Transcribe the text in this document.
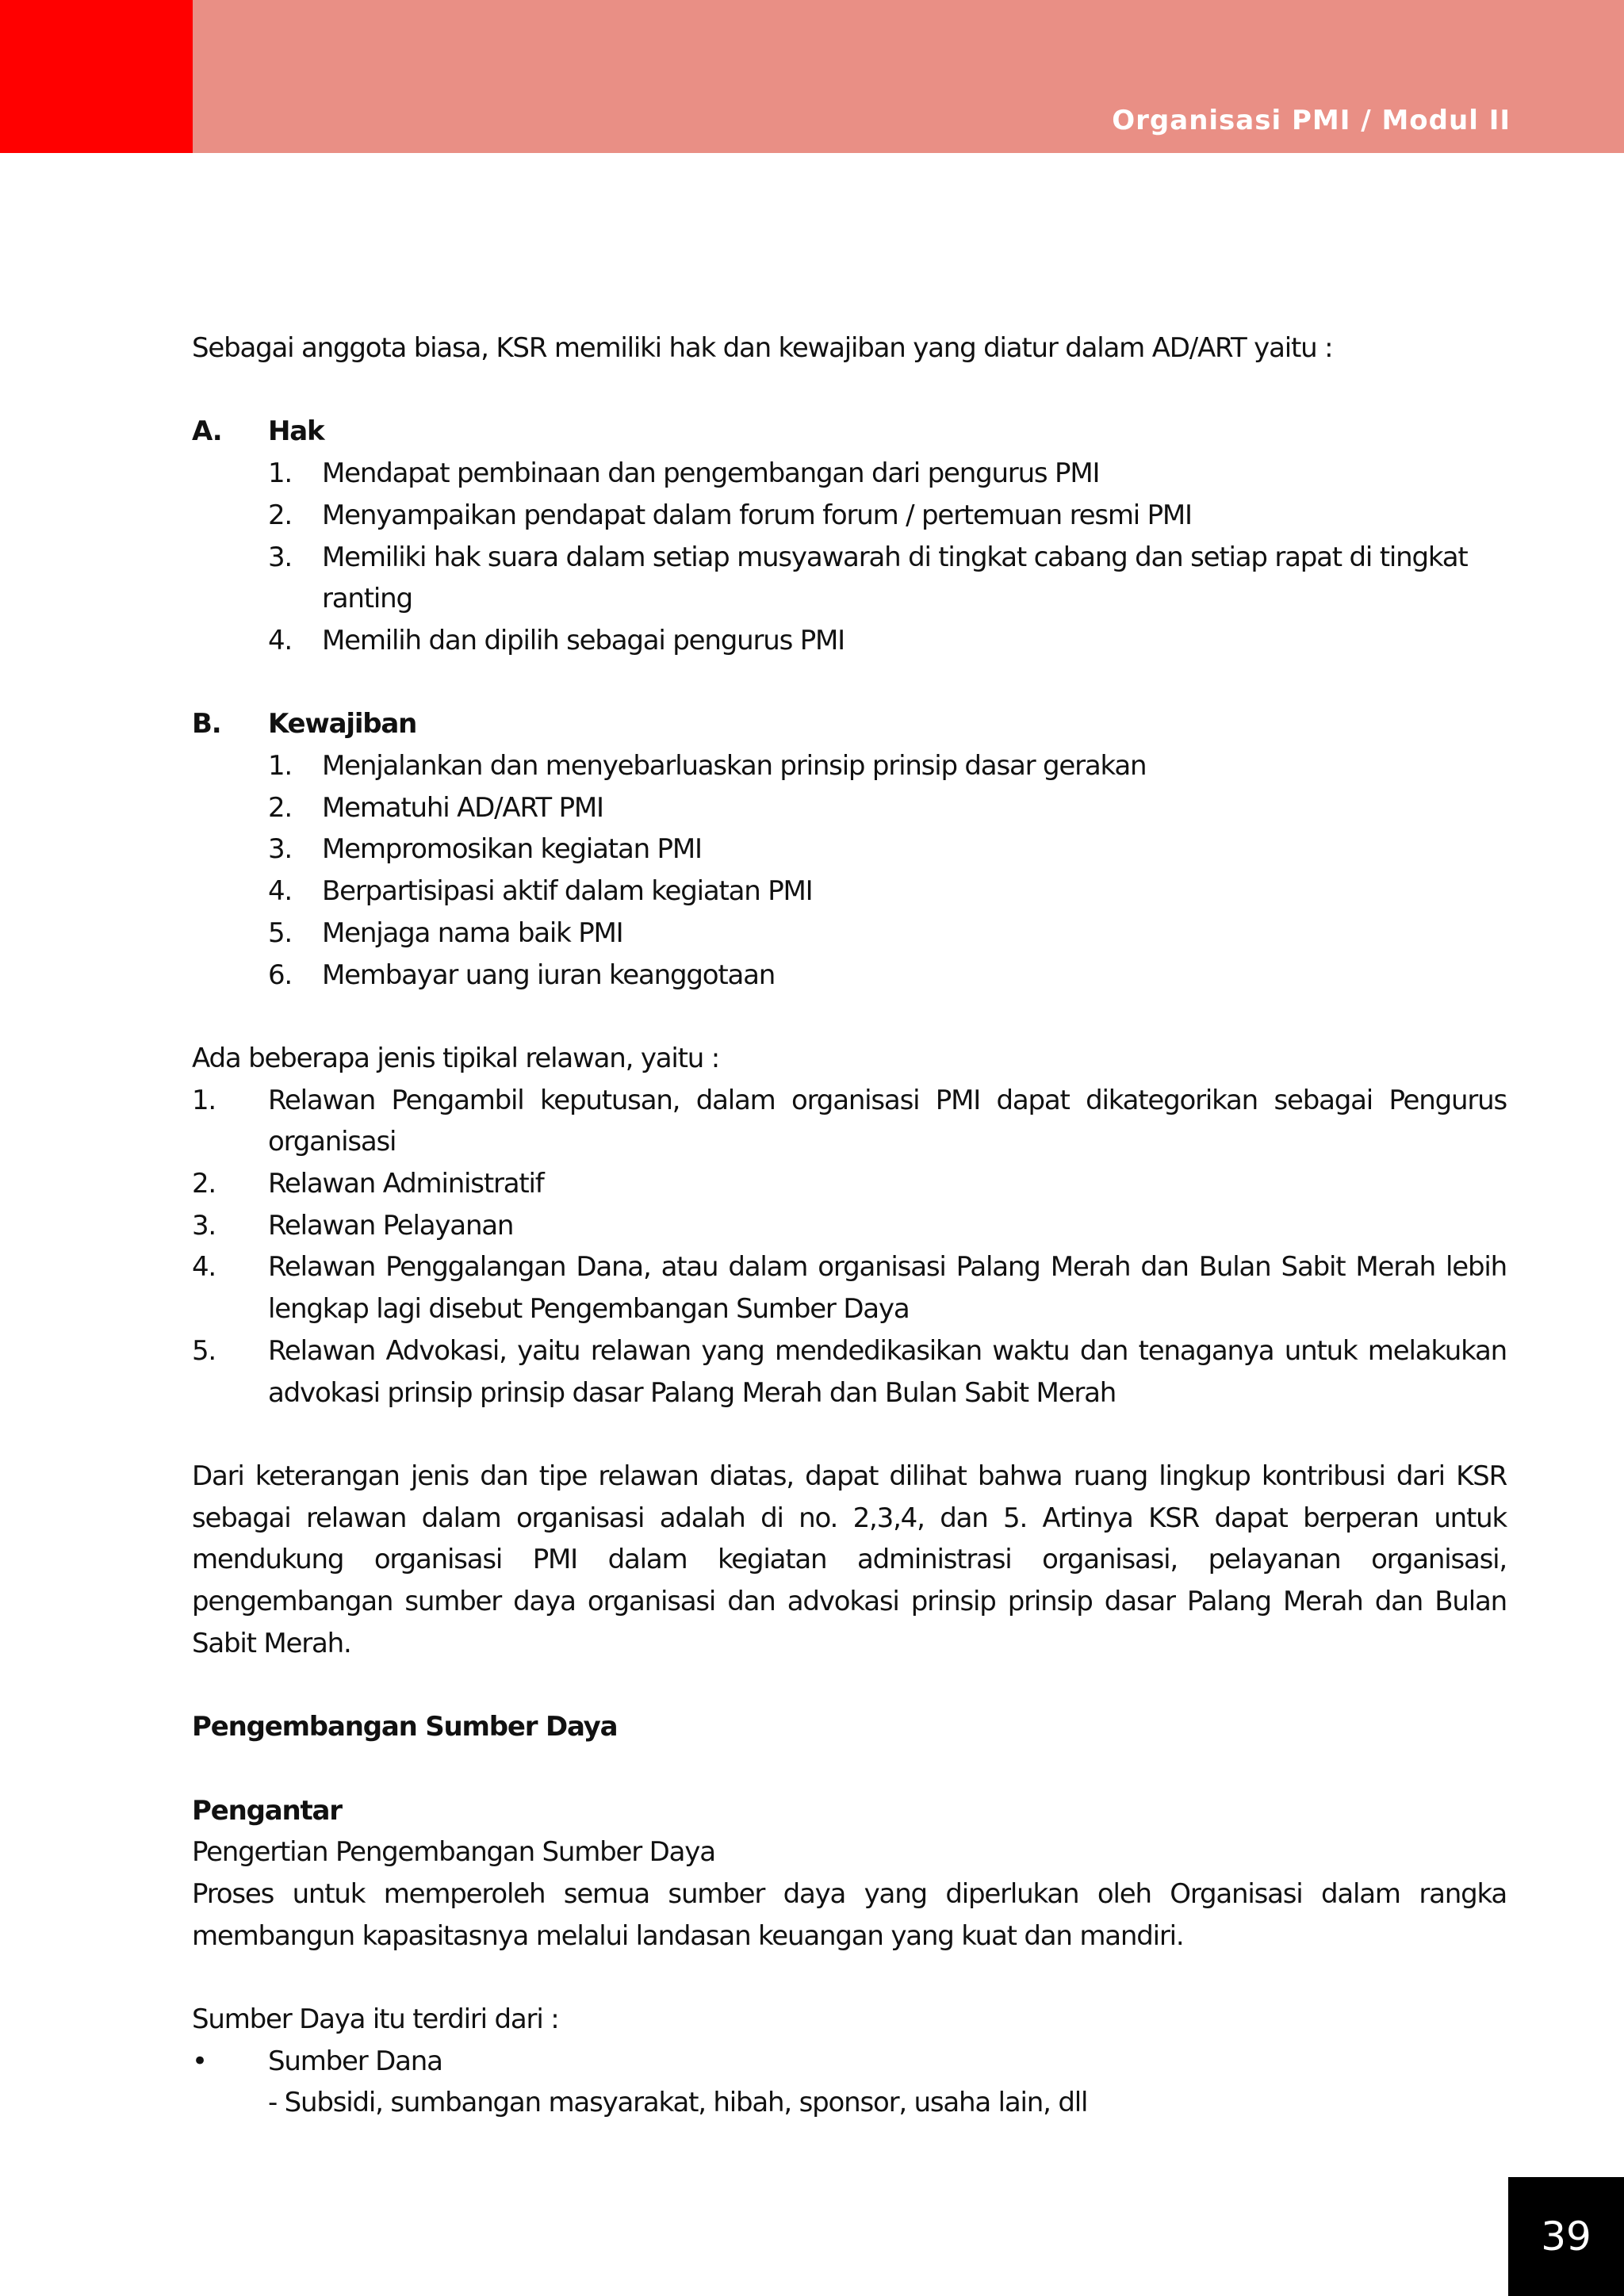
Organisasi PMI / Modul II

Sebagai anggota biasa, KSR memiliki hak dan kewajiban yang diatur dalam AD/ART yaitu :

A.	Hak
1.	Mendapat pembinaan dan pengembangan dari pengurus PMI
2.	Menyampaikan pendapat dalam forum forum / pertemuan resmi PMI
3.	Memiliki hak suara dalam setiap musyawarah di tingkat cabang dan setiap rapat di tingkat ranting
4.	Memilih dan dipilih sebagai pengurus PMI
B.	Kewajiban
1.	Menjalankan dan menyebarluaskan prinsip prinsip dasar gerakan
2.	Mematuhi AD/ART PMI
3.	Mempromosikan kegiatan PMI
4.	Berpartisipasi aktif dalam kegiatan PMI
5.	Menjaga nama baik PMI
6.	Membayar uang iuran keanggotaan

Ada beberapa jenis tipikal relawan, yaitu :

1.	Relawan Pengambil keputusan, dalam organisasi PMI dapat dikategorikan sebagai Pengurus organisasi
2.	Relawan Administratif
3.	Relawan Pelayanan
4.	Relawan Penggalangan Dana, atau dalam organisasi Palang Merah dan Bulan Sabit Merah lebih lengkap lagi disebut Pengembangan Sumber Daya
5.	Relawan Advokasi, yaitu relawan yang mendedikasikan waktu dan tenaganya untuk melakukan advokasi prinsip prinsip dasar Palang Merah dan Bulan Sabit Merah

Dari keterangan jenis dan tipe relawan diatas, dapat dilihat bahwa ruang lingkup kontribusi dari KSR sebagai relawan dalam organisasi adalah di no. 2,3,4, dan 5. Artinya KSR dapat berperan untuk mendukung organisasi PMI dalam kegiatan administrasi organisasi, pelayanan organisasi, pengembangan sumber daya organisasi dan advokasi prinsip prinsip dasar Palang Merah dan Bulan Sabit Merah.

Pengembangan Sumber Daya

Pengantar

Pengertian Pengembangan Sumber Daya

Proses untuk memperoleh semua sumber daya yang diperlukan oleh Organisasi dalam rangka membangun kapasitasnya melalui landasan keuangan yang kuat dan mandiri.

Sumber Daya itu terdiri dari :

•	Sumber Dana

- Subsidi, sumbangan masyarakat, hibah, sponsor, usaha lain, dll

39
